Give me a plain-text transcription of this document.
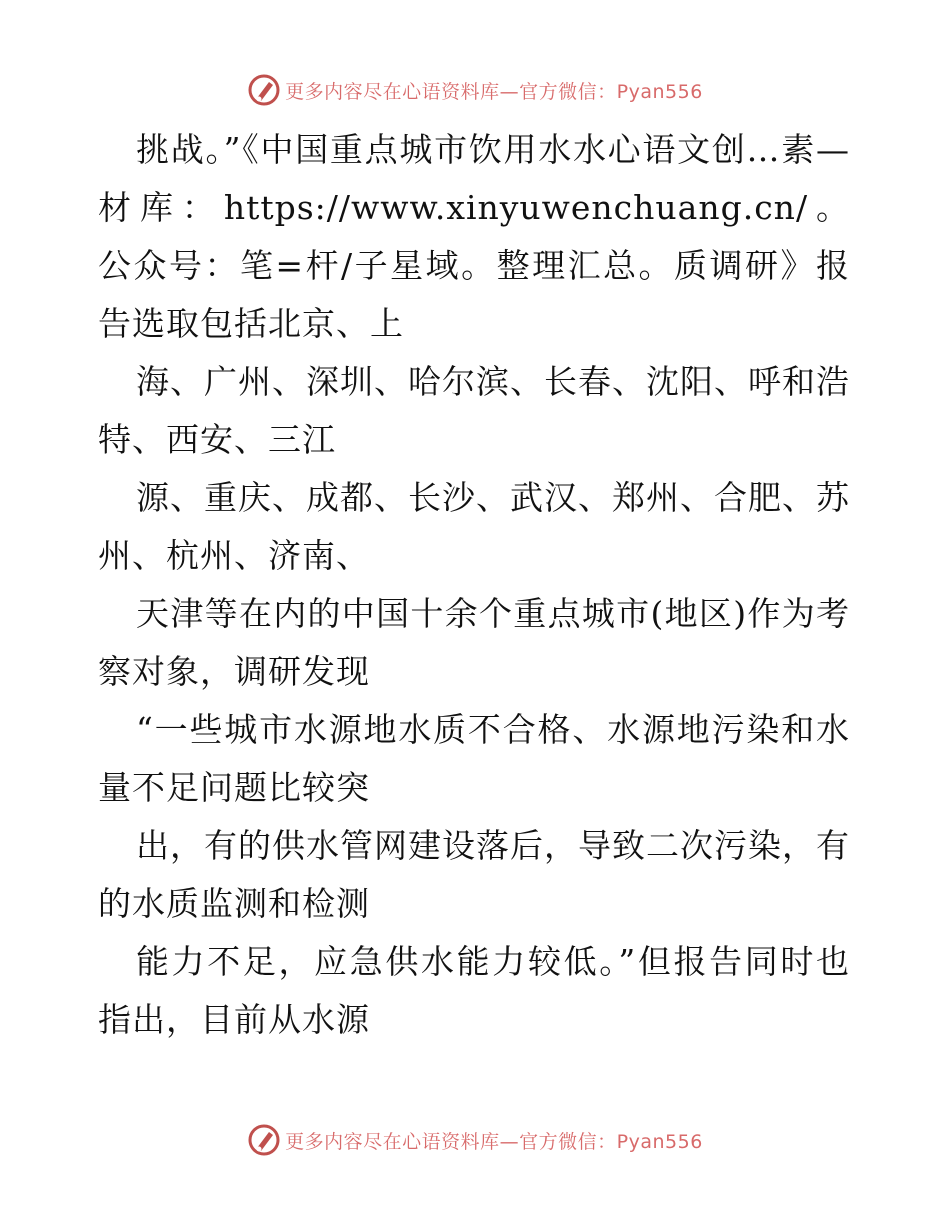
更多内容尽在心语资料库—官方微信：Pyan556

挑战。”《中国重点城市饮用水水心语文创…素—材库：https://www.xinyuwenchuang.cn/。公众号：笔=杆/子星域。整理汇总。质调研》报告选取包括北京、上

海、广州、深圳、哈尔滨、长春、沈阳、呼和浩特、西安、三江

源、重庆、成都、长沙、武汉、郑州、合肥、苏州、杭州、济南、

天津等在内的中国十余个重点城市(地区)作为考察对象，调研发现

“一些城市水源地水质不合格、水源地污染和水量不足问题比较突

出，有的供水管网建设落后，导致二次污染，有的水质监测和检测

能力不足，应急供水能力较低。”但报告同时也指出，目前从水源

更多内容尽在心语资料库—官方微信：Pyan556
